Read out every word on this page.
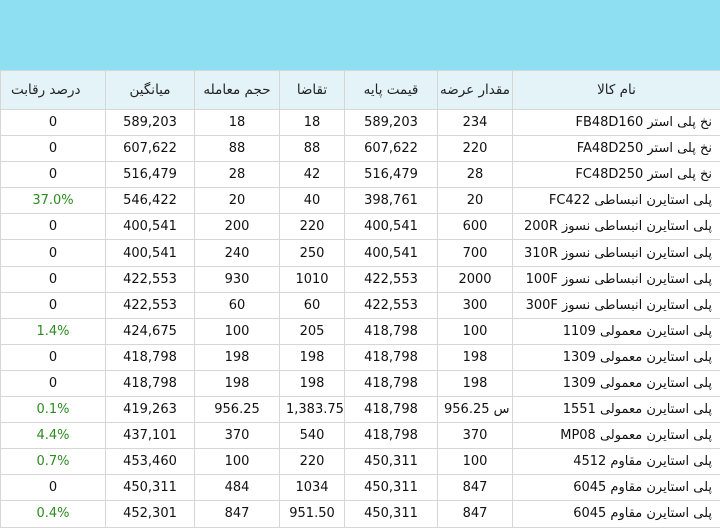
درصد رقابت	میانگین	حجم معامله	تقاضا	قیمت پایه	مقدار عرضه	نام کالا
0	589,203	18	18	589,203	234	نخ پلی استر FB48D160
0	607,622	88	88	607,622	220	نخ پلی استر FA48D250
0	516,479	28	42	516,479	28	نخ پلی استر FC48D250
37.0%	546,422	20	40	398,761	20	پلی استایرن انبساطی FC422
0	400,541	200	220	400,541	600	پلی استایرن انبساطی نسوز 200R
0	400,541	240	250	400,541	700	پلی استایرن انبساطی نسوز 310R
0	422,553	930	1010	422,553	2000	پلی استایرن انبساطی نسوز 100F
0	422,553	60	60	422,553	300	پلی استایرن انبساطی نسوز 300F
1.4%	424,675	100	205	418,798	100	پلی استایرن معمولی 1109
0	418,798	198	198	418,798	198	پلی استایرن معمولی 1309
0	418,798	198	198	418,798	198	پلی استایرن معمولی 1309
0.1%	419,263	956.25	1,383.75	418,798	956.25 س	پلی استایرن معمولی 1551
4.4%	437,101	370	540	418,798	370	پلی استایرن معمولی MP08
0.7%	453,460	100	220	450,311	100	پلی استایرن مقاوم 4512
0	450,311	484	1034	450,311	847	پلی استایرن مقاوم 6045
0.4%	452,301	847	951.50	450,311	847	پلی استایرن مقاوم 6045
